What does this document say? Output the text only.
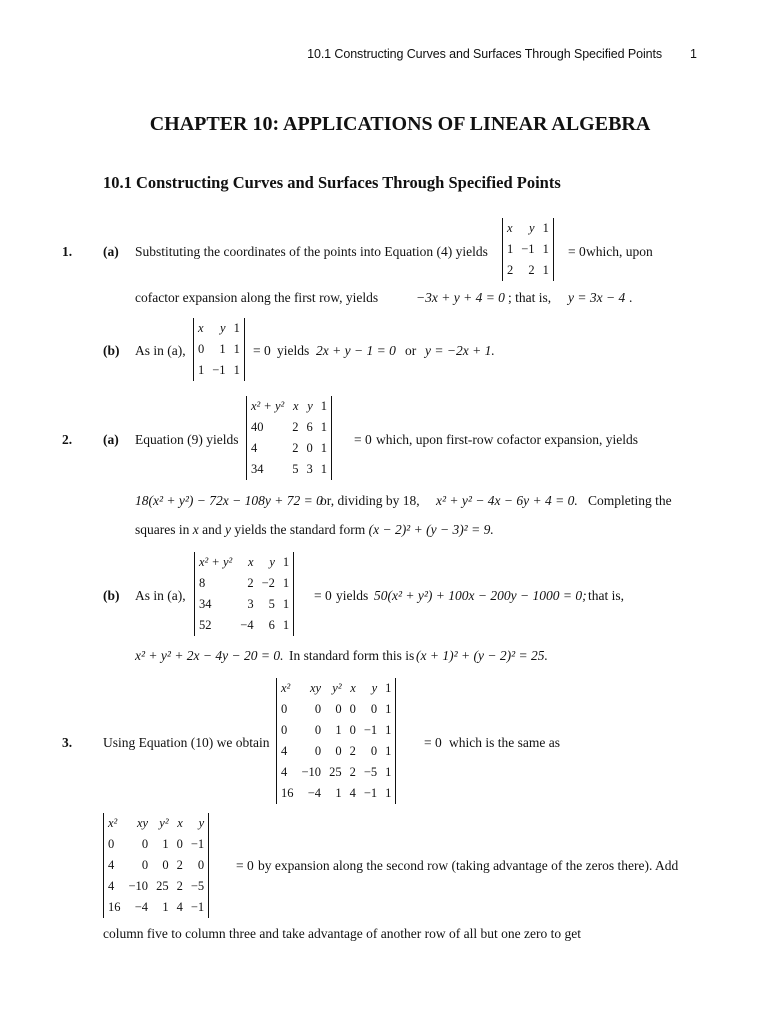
10.1 Constructing Curves and Surfaces Through Specified Points 1
CHAPTER 10: APPLICATIONS OF LINEAR ALGEBRA
10.1 Constructing Curves and Surfaces Through Specified Points
1. (a) Substituting the coordinates of the points into Equation (4) yields
x	y	1
1	−1	1
2	2	1
= 0 which, upon
cofactor expansion along the first row, yields	−3x + y + 4 = 0 ; that is, y = 3x − 4 .
(b) As in (a),
x	y	1
0	1	1
1	−1	1
= 0 yields 2x + y − 1 = 0 or y = −2x + 1.
2. (a) Equation (9) yields
x² + y²	x	y	1
40	2	6	1
4	2	0	1
34	5	3	1
= 0 which, upon first-row cofactor expansion, yields
18(x² + y²) − 72x − 108y + 72 = 0
or, dividing by 18, x² + y² − 4x − 6y + 4 = 0. Completing the
squares in x and y yields the standard form (x − 2)² + (y − 3)² = 9.
(b) As in (a),
x² + y²	x	y	1
8	2	−2	1
34	3	5	1
52	−4	6	1
= 0 yields 50(x² + y²) + 100x − 200y − 1000 = 0; that is,
x² + y² + 2x − 4y − 20 = 0. In standard form this is (x + 1)² + (y − 2)² = 25.
3. Using Equation (10) we obtain
x²	xy	y²	x	y	1
0	0	0	0	0	1
0	0	1	0	−1	1
4	0	0	2	0	1
4	−10	25	2	−5	1
16	−4	1	4	−1	1
= 0 which is the same as
x²	xy	y²	x	y
0	0	1	0	−1
4	0	0	2	0
4	−10	25	2	−5
16	−4	1	4	−1
= 0 by expansion along the second row (taking advantage of the zeros there). Add
column five to column three and take advantage of another row of all but one zero to get
